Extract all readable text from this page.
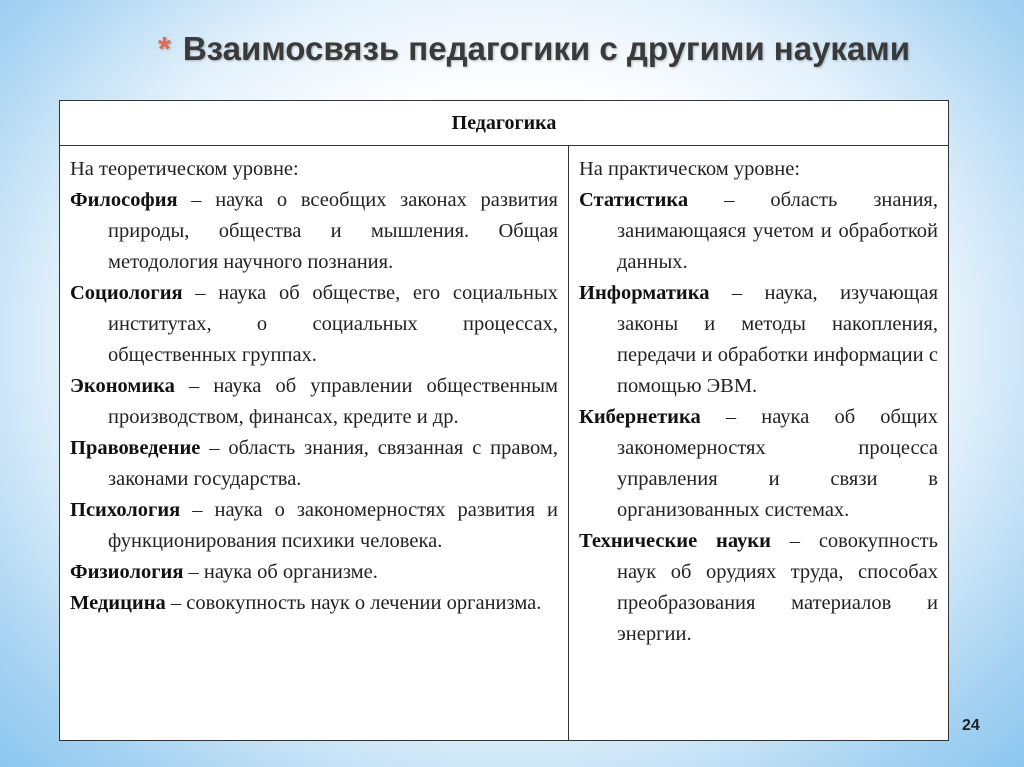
* Взаимосвязь педагогики с другими науками
Педагогика

На теоретическом уровне:

Философия – наука о всеобщих законах развития природы, общества и мышления. Общая методология научного познания.

Социология – наука об обществе, его социальных институтах, о социальных процессах, общественных группах.

Экономика – наука об управлении общественным производством, финансах, кредите и др.

Правоведение – область знания, связанная с правом, законами государства.

Психология – наука о закономерностях развития и функционирования психики человека.

Физиология – наука об организме.

Медицина – совокупность наук о лечении организма.

На практическом уровне:

Статистика – область знания, занимающаяся учетом и обработкой данных.

Информатика – наука, изучающая законы и методы накопления, передачи и обработки информации с помощью ЭВМ.

Кибернетика – наука об общих закономерностях процесса управления и связи в организованных системах.

Технические науки – совокупность наук об орудиях труда, способах преобразования материалов и энергии.

24
